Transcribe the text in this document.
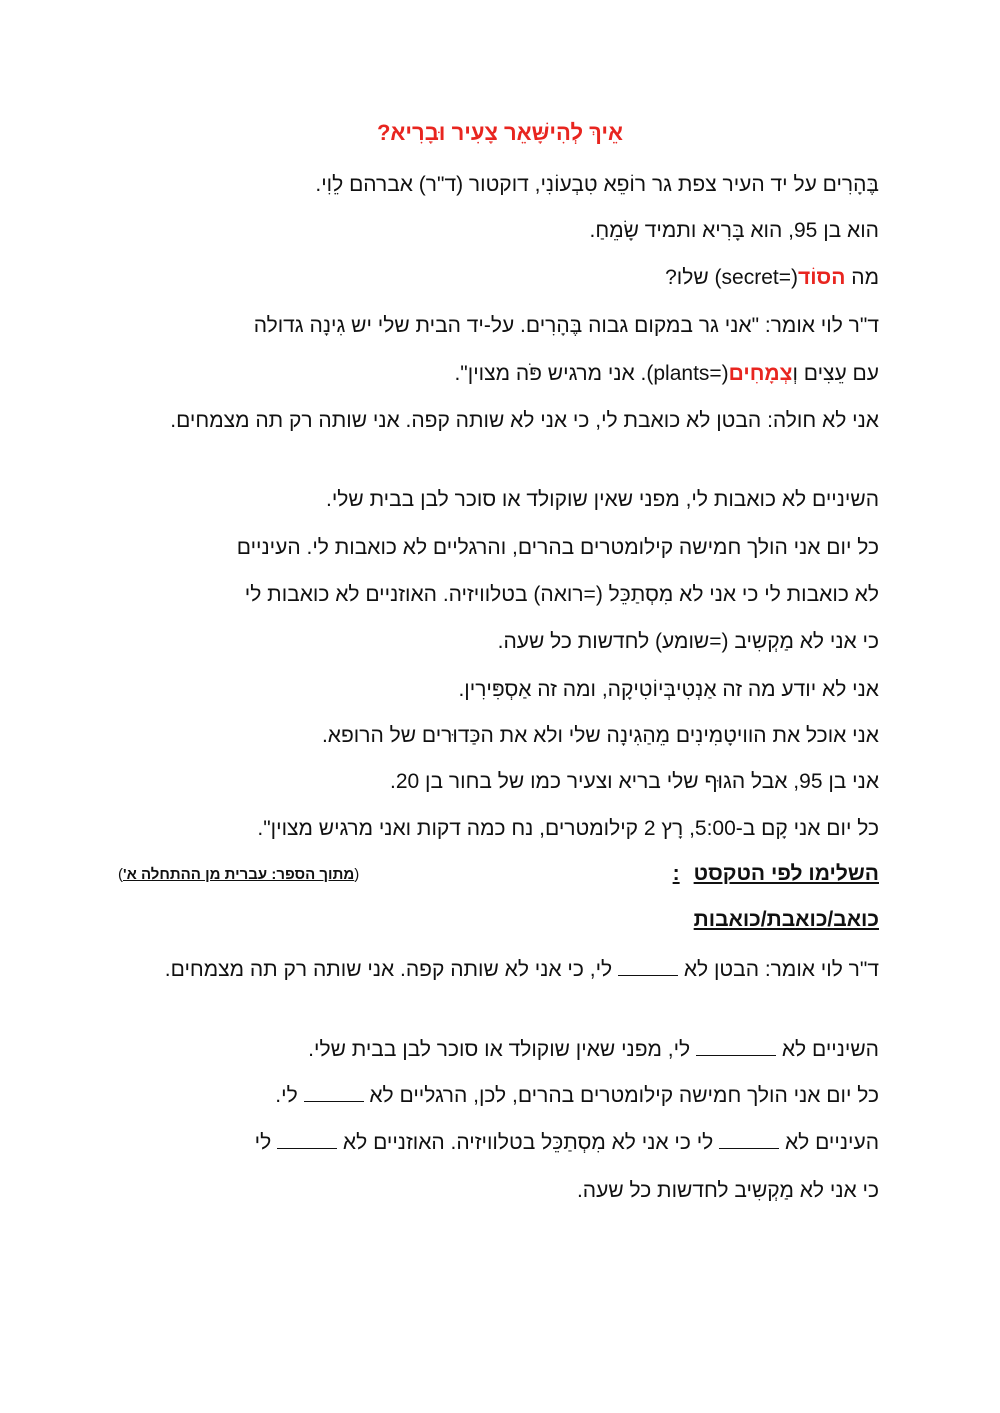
אֵיךְ לְהִישָּׁאֵר צָעִיר וּבָרִיא?
בֶּהָרִים על יד העיר צפת גר רוֹפֵא טִבְעוֹנִי, דוקטור (ד"ר) אברהם לֵוִי.
הוא בן 95, הוא בָּרִיא ותמיד שָׂמֵחַ.
מה הסוֹד(=secret) שלו?
ד"ר לוי אומר: "אני גר במקום גבוה בֶּהָרִים. על-יד הבית שלי יש גִינָה גדולה
עם עֵצִים וְצְמָחִים(=plants). אני מרגיש פֹּה מצוין".
אני לא חולה: הבטן לא כואבת לי, כי אני לא שותה קפה. אני שותה רק תה מצמחים.
השיניים לא כואבות לי, מפני שאין שוקולד או סוכר לבן בבית שלי.
כל יום אני הולך חמישה קילומטרים בהרים, והרגליים לא כואבות לי. העיניים
לא כואבות לי כי אני לא מִסְתַכֵּל (=רואה) בטלוויזיה. האוזניים לא כואבות לי
כי אני לא מַקְשִיב (=שומע) לחדשות כל שעה.
אני לא יודע מה זה אַנְטִיבְּיוֹטִיקָה, ומה זה אַסְפִּירִין.
אני אוכל את הוויטָמִינִים מֵהַגִינָה שלי ולא את הכַּדוּרים של הרופא.
אני בן 95, אבל הגוּף שלי בריא וצעיר כמו של בחור בן 20.
כל יום אני קָם ב-5:00, רָץ 2 קילומטרים, נח כמה דקות ואני מרגיש מצוין".
השלימו לפי הטקסט:
(מתוך הספר: עברית מן ההתחלה א')
כואב/כואבת/כואבות
ד"ר לוי אומר: הבטן לא  לי, כי אני לא שותה קפה. אני שותה רק תה מצמחים.
השיניים לא  לי, מפני שאין שוקולד או סוכר לבן בבית שלי.
כל יום אני הולך חמישה קילומטרים בהרים, לכן, הרגליים לא  לי.
העיניים לא  לי כי אני לא מִסְתַכֵּל בטלוויזיה. האוזניים לא  לי
כי אני לא מַקְשִיב לחדשות כל שעה.
